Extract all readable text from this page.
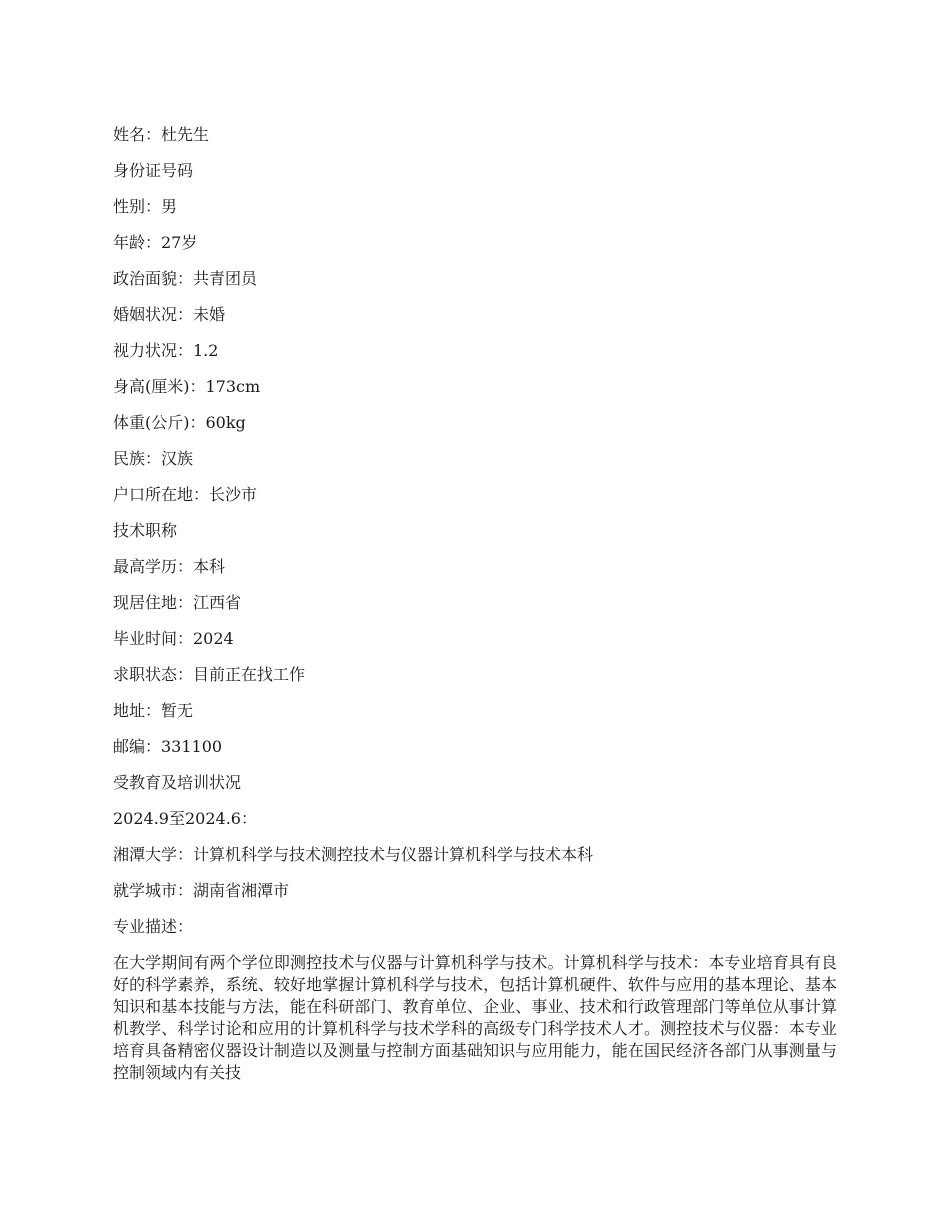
姓名：杜先生
身份证号码
性别：男
年龄：27岁
政治面貌：共青团员
婚姻状况：未婚
视力状况：1.2
身高(厘米)：173cm
体重(公斤)：60kg
民族：汉族
户口所在地：长沙市
技术职称
最高学历：本科
现居住地：江西省
毕业时间：2024
求职状态：目前正在找工作
地址：暂无
邮编：331100
受教育及培训状况
2024.9至2024.6：
湘潭大学：计算机科学与技术测控技术与仪器计算机科学与技术本科
就学城市：湖南省湘潭市
专业描述：
在大学期间有两个学位即测控技术与仪器与计算机科学与技术。计算机科学与技术：本专业培育具有良好的科学素养，系统、较好地掌握计算机科学与技术，包括计算机硬件、软件与应用的基本理论、基本知识和基本技能与方法，能在科研部门、教育单位、企业、事业、技术和行政管理部门等单位从事计算机教学、科学讨论和应用的计算机科学与技术学科的高级专门科学技术人才。测控技术与仪器：本专业培育具备精密仪器设计制造以及测量与控制方面基础知识与应用能力，能在国民经济各部门从事测量与控制领域内有关技
